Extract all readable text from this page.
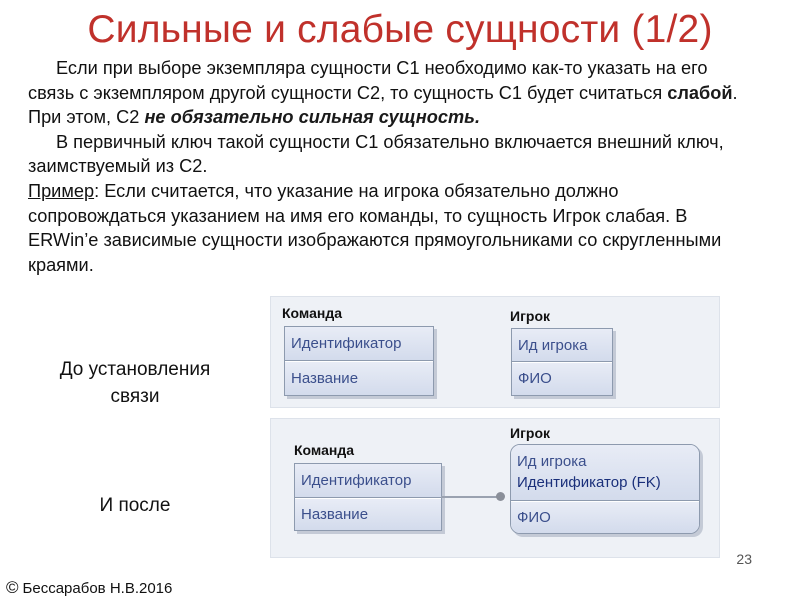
Сильные и слабые сущности (1/2)

Если при выборе экземпляра сущности C1 необходимо как-то указать на его связь с экземпляром другой сущности C2, то сущность C1 будет считаться слабой. При этом, C2 не обязательно сильная сущность.

В первичный ключ такой сущности C1 обязательно включается внешний ключ, заимствуемый из C2.

Пример: Если считается, что указание на игрока обязательно должно сопровождаться указанием на имя его команды, то сущность Игрок слабая. В ERWin’е зависимые сущности изображаются прямоугольниками со скругленными краями.

До установления
связи
Команда
Идентификатор
Название
Игрок
Ид игрока
ФИО
И после
Команда
Идентификатор
Название
Игрок
Ид игрока
Идентификатор (FK)
ФИО
23
© Бессарабов Н.В.2016
